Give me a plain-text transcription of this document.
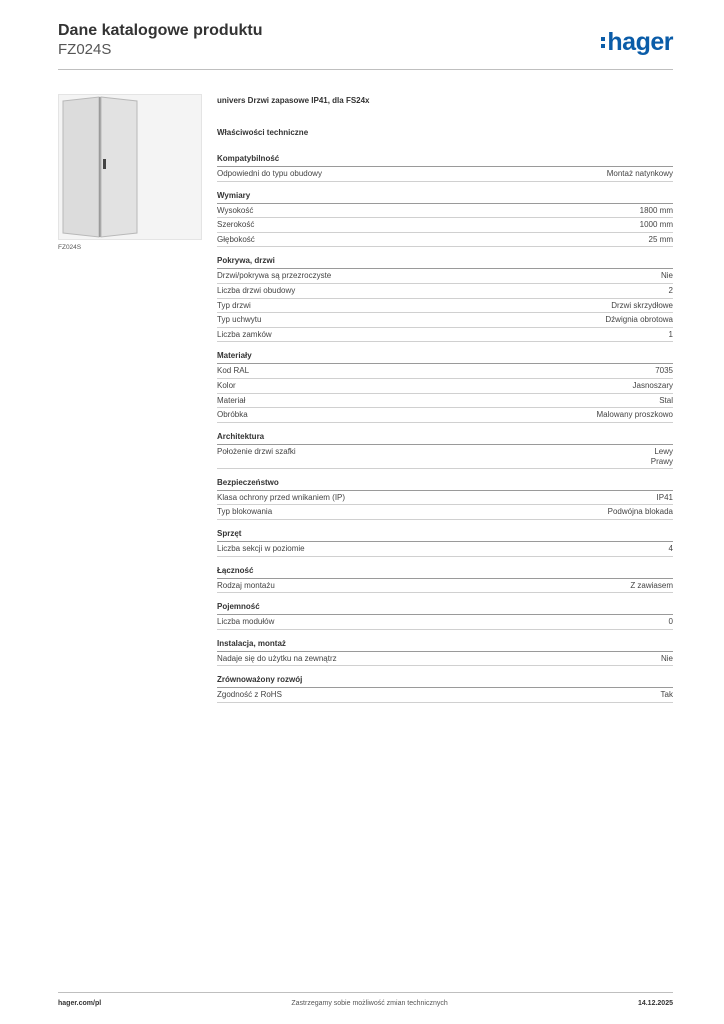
Dane katalogowe produktu
FZ024S	hager
FZ024S
univers Drzwi zapasowe IP41, dla FS24x
Właściwości techniczne
Kompatybilność
Odpowiedni do typu obudowy	Montaż natynkowy
Wymiary
Wysokość	1800 mm
Szerokość	1000 mm
Głębokość	25 mm
Pokrywa, drzwi
Drzwi/pokrywa są przezroczyste	Nie
Liczba drzwi obudowy	2
Typ drzwi	Drzwi skrzydłowe
Typ uchwytu	Dźwignia obrotowa
Liczba zamków	1
Materiały
Kod RAL	7035
Kolor	Jasnoszary
Materiał	Stal
Obróbka	Malowany proszkowo
Architektura
Położenie drzwi szafki	Lewy
Prawy
Bezpieczeństwo
Klasa ochrony przed wnikaniem (IP)	IP41
Typ blokowania	Podwójna blokada
Sprzęt
Liczba sekcji w poziomie	4
Łączność
Rodzaj montażu	Z zawiasem
Pojemność
Liczba modułów	0
Instalacja, montaż
Nadaje się do użytku na zewnątrz	Nie
Zrównoważony rozwój
Zgodność z RoHS	Tak
hager.com/pl	Zastrzegamy sobie możliwość zmian technicznych	14.12.2025
